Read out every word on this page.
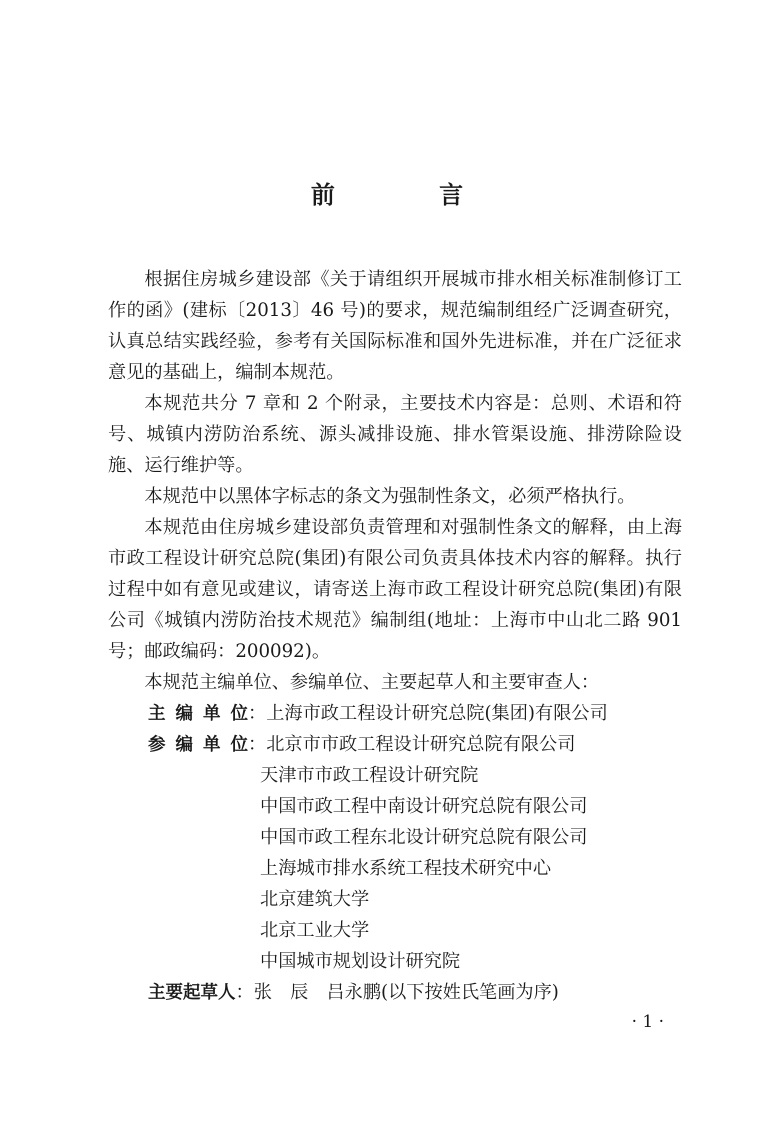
前 言

根据住房城乡建设部《关于请组织开展城市排水相关标准制修订工作的函》(建标〔2013〕46 号)的要求，规范编制组经广泛调查研究，认真总结实践经验，参考有关国际标准和国外先进标准，并在广泛征求意见的基础上，编制本规范。

本规范共分 7 章和 2 个附录，主要技术内容是：总则、术语和符号、城镇内涝防治系统、源头减排设施、排水管渠设施、排涝除险设施、运行维护等。

本规范中以黑体字标志的条文为强制性条文，必须严格执行。

本规范由住房城乡建设部负责管理和对强制性条文的解释，由上海市政工程设计研究总院(集团)有限公司负责具体技术内容的解释。执行过程中如有意见或建议，请寄送上海市政工程设计研究总院(集团)有限公司《城镇内涝防治技术规范》编制组(地址：上海市中山北二路 901 号；邮政编码：200092)。

本规范主编单位、参编单位、主要起草人和主要审查人：

主编单位 ： 上海市政工程设计研究总院(集团)有限公司
参编单位 ： 北京市市政工程设计研究总院有限公司
天津市市政工程设计研究院
中国市政工程中南设计研究总院有限公司
中国市政工程东北设计研究总院有限公司
上海城市排水系统工程技术研究中心
北京建筑大学
北京工业大学
中国城市规划设计研究院
主要起草人 ： 张　辰　吕永鹏(以下按姓氏笔画为序)
· 1 ·
